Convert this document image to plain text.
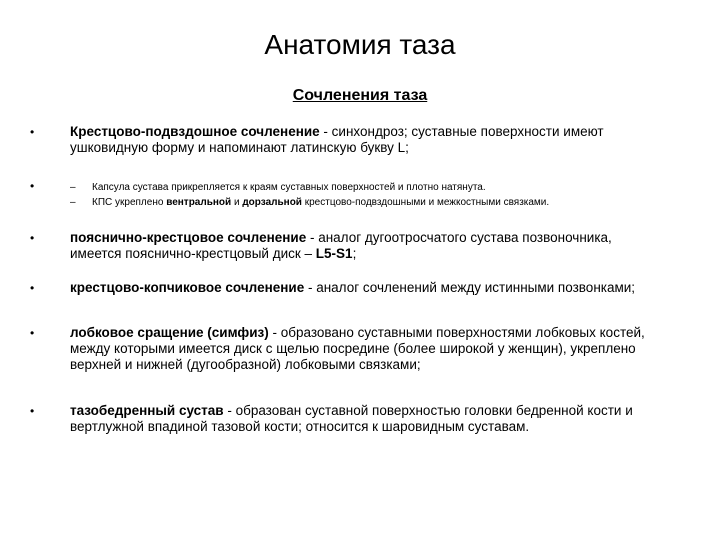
Анатомия таза
Сочленения таза
•	Крестцово-подвздошное сочленение - синхондроз; суставные поверхности имеют ушковидную форму и напоминают латинскую букву L;
•	– Капсула сустава прикрепляется к краям суставных поверхностей и плотно натянута.
– КПС укреплено вентральной и дорзальной крестцово-подвздошными и межкостными связками.
•	пояснично-крестцовое сочленение - аналог дугоотросчатого сустава позвоночника, имеется пояснично-крестцовый диск – L5-S1;
•	крестцово-копчиковое сочленение - аналог сочленений между истинными позвонками;
•	лобковое сращение (симфиз) - образовано суставными поверхностями лобковых костей, между которыми имеется диск с щелью посредине (более широкой у женщин), укреплено верхней и нижней (дугообразной) лобковыми связками;
•	тазобедренный сустав - образован суставной поверхностью головки бедренной кости и вертлужной впадиной тазовой кости; относится к шаровидным суставам.
